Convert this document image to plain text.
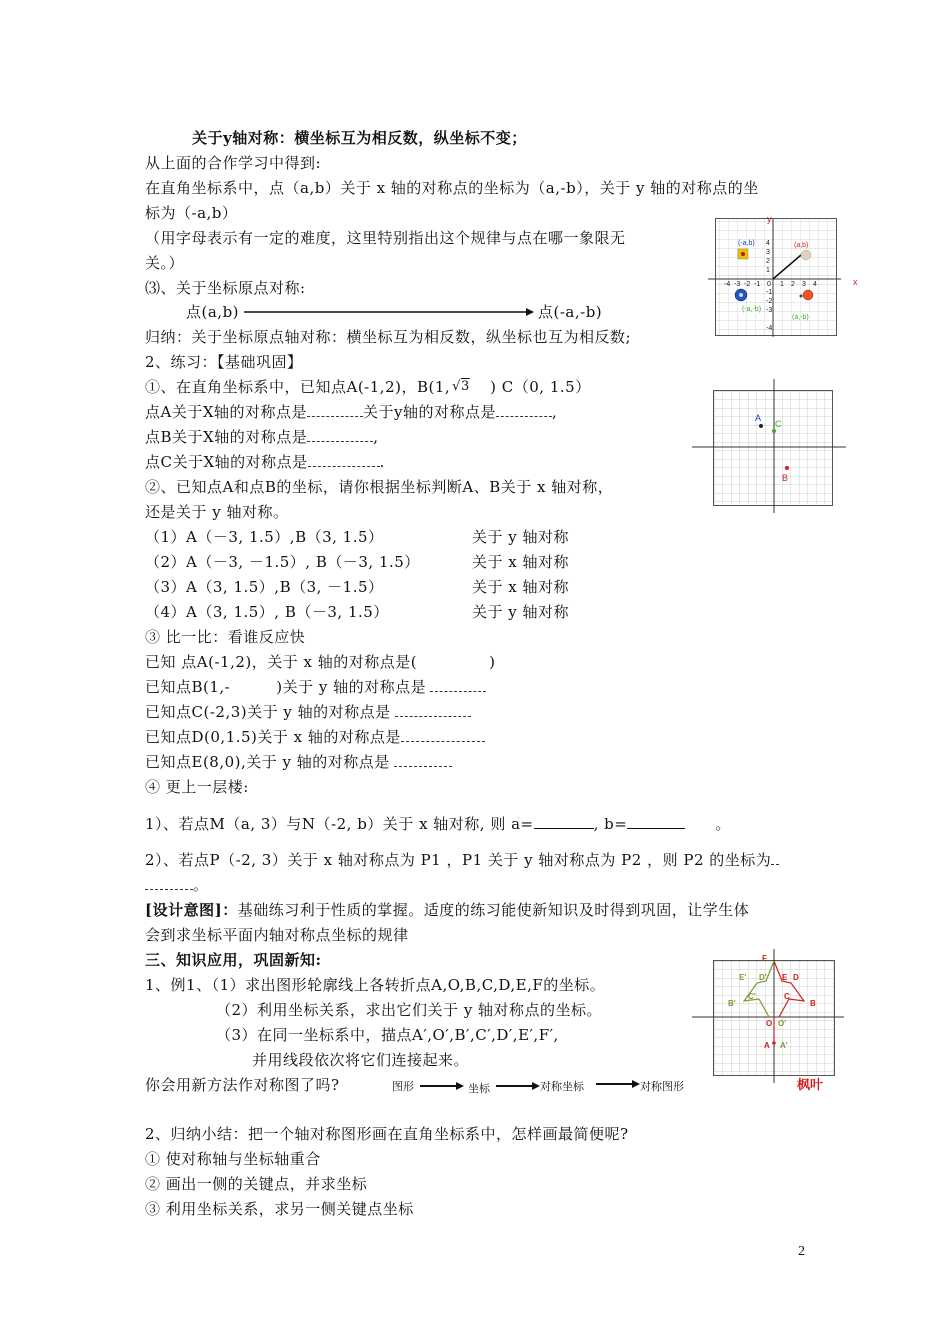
关于y轴对称：横坐标互为相反数，纵坐标不变；
从上面的合作学习中得到:
在直角坐标系中，点（a,b）关于 x 轴的对称点的坐标为（a,-b），关于 y 轴的对称点的坐
标为（-a,b）
（用字母表示有一定的难度，这里特别指出这个规律与点在哪一象限无
关。）
⑶、关于坐标原点对称:
点(a,b)	点(-a,-b)
归纳：关于坐标原点轴对称：横坐标互为相反数，纵坐标也互为相反数;
2、练习：【基础巩固】
①、在直角坐标系中，已知点A(-1,2)，B(1, √3 ) C（0, 1.5）
点A关于X轴的对称点是	关于y轴的对称点是	,
点B关于X轴的对称点是	,
点C关于X轴的对称点是	.
②、已知点A和点B的坐标，请你根据坐标判断A、B关于 x 轴对称，
还是关于 y 轴对称。
（1）A（－3, 1.5）,B（3, 1.5）	关于 y 轴对称
（2）A（－3, －1.5）, B（－3, 1.5）	关于 x 轴对称
（3）A（3, 1.5）,B（3, －1.5）	关于 x 轴对称
（4）A（3, 1.5）, B（－3, 1.5）	关于 y 轴对称
③ 比一比：看谁反应快
已知 点A(-1,2)，关于 x 轴的对称点是(	)
已知点B(1,-	)关于 y 轴的对称点是
已知点C(-2,3)关于 y 轴的对称点是
已知点D(0,1.5)关于 x 轴的对称点是
已知点E(8,0),关于 y 轴的对称点是
④ 更上一层楼:
1）、若点M（a, 3）与N（-2, b）关于 x 轴对称, 则 a=	, b=	。
2）、若点P（-2, 3）关于 x 轴对称点为 P1 ，P1 关于 y 轴对称点为 P2 ，则 P2 的坐标为
。
[设计意图]：基础练习利于性质的掌握。适度的练习能使新知识及时得到巩固，让学生体
会到求坐标平面内轴对称点坐标的规律
三、知识应用，巩固新知:
1、例1、（1）求出图形轮廓线上各转折点A,O,B,C,D,E,F的坐标。
（2）利用坐标关系，求出它们关于 y 轴对称点的坐标。
（3）在同一坐标系中，描点A′,O′,B′,C′,D′,E′,F′,
并用线段依次将它们连接起来。
你会用新方法作对称图了吗?	图形	坐标	对称坐标	对称图形
2、归纳小结：把一个轴对称图形画在直角坐标系中，怎样画最简便呢?
① 使对称轴与坐标轴重合
② 画出一侧的关键点，并求坐标
③ 利用坐标关系，求另一侧关键点坐标
x
y
-4 -3 -2 -1 0 1 2 3 4
4
3
2
1
-1
-2
-3
-4
(-a,b)	(a,b)
(-a,-b)
(a,-b)
A
C
B
F
E' D' E D
C
C'
B'	B
O O'
A A'
枫叶
2
